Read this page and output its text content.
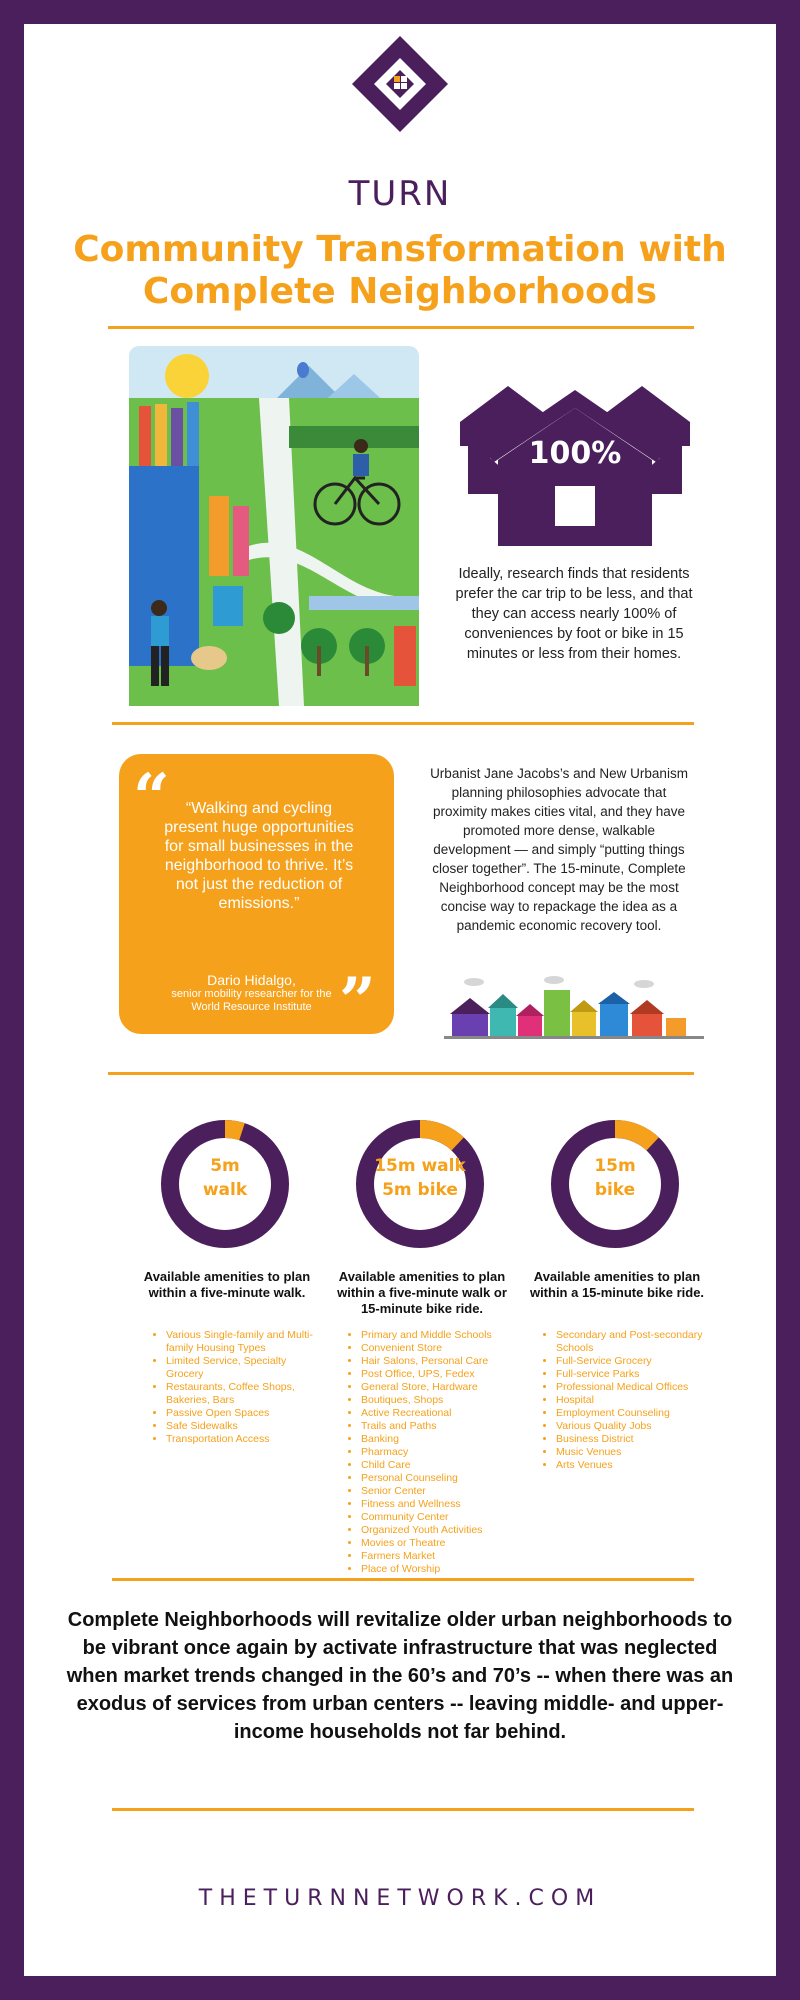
TURN
Community Transformation with
Complete Neighborhoods
100%
Ideally, research finds that residents prefer the car trip to be less, and that they can access nearly 100% of conveniences by foot or bike in 15 minutes or less from their homes.
“	“Walking and cycling present huge opportunities for small businesses in the neighborhood to thrive. It’s not just the reduction of emissions.”
Dario Hidalgo,
senior mobility researcher for the World Resource Institute ”
Urbanist Jane Jacobs’s and New Urbanism planning philosophies advocate that proximity makes cities vital, and they have promoted more dense, walkable development — and simply “putting things closer together”. The 15-minute, Complete Neighborhood concept may be the most concise way to repackage the idea as a pandemic economic recovery tool.
5m
walk
Available amenities to plan within a five-minute walk.
• Various Single-family and Multi-family Housing Types
• Limited Service, Specialty Grocery
• Restaurants, Coffee Shops, Bakeries, Bars
• Passive Open Spaces
• Safe Sidewalks
• Transportation Access
15m walk
5m bike
Available amenities to plan within a five-minute walk or 15-minute bike ride.
• Primary and Middle Schools
• Convenient Store
• Hair Salons, Personal Care
• Post Office, UPS, Fedex
• General Store, Hardware
• Boutiques, Shops
• Active Recreational
• Trails and Paths
• Banking
• Pharmacy
• Child Care
• Personal Counseling
• Senior Center
• Fitness and Wellness
• Community Center
• Organized Youth Activities
• Movies or Theatre
• Farmers Market
• Place of Worship
15m
bike
Available amenities to plan within a 15-minute bike ride.
• Secondary and Post-secondary Schools
• Full-Service Grocery
• Full-service Parks
• Professional Medical Offices
• Hospital
• Employment Counseling
• Various Quality Jobs
• Business District
• Music Venues
• Arts Venues
Complete Neighborhoods will revitalize older urban neighborhoods to be vibrant once again by activate infrastructure that was neglected when market trends changed in the 60’s and 70’s -- when there was an exodus of services from urban centers -- leaving middle- and upper-income households not far behind.
THETURNNETWORK.COM
